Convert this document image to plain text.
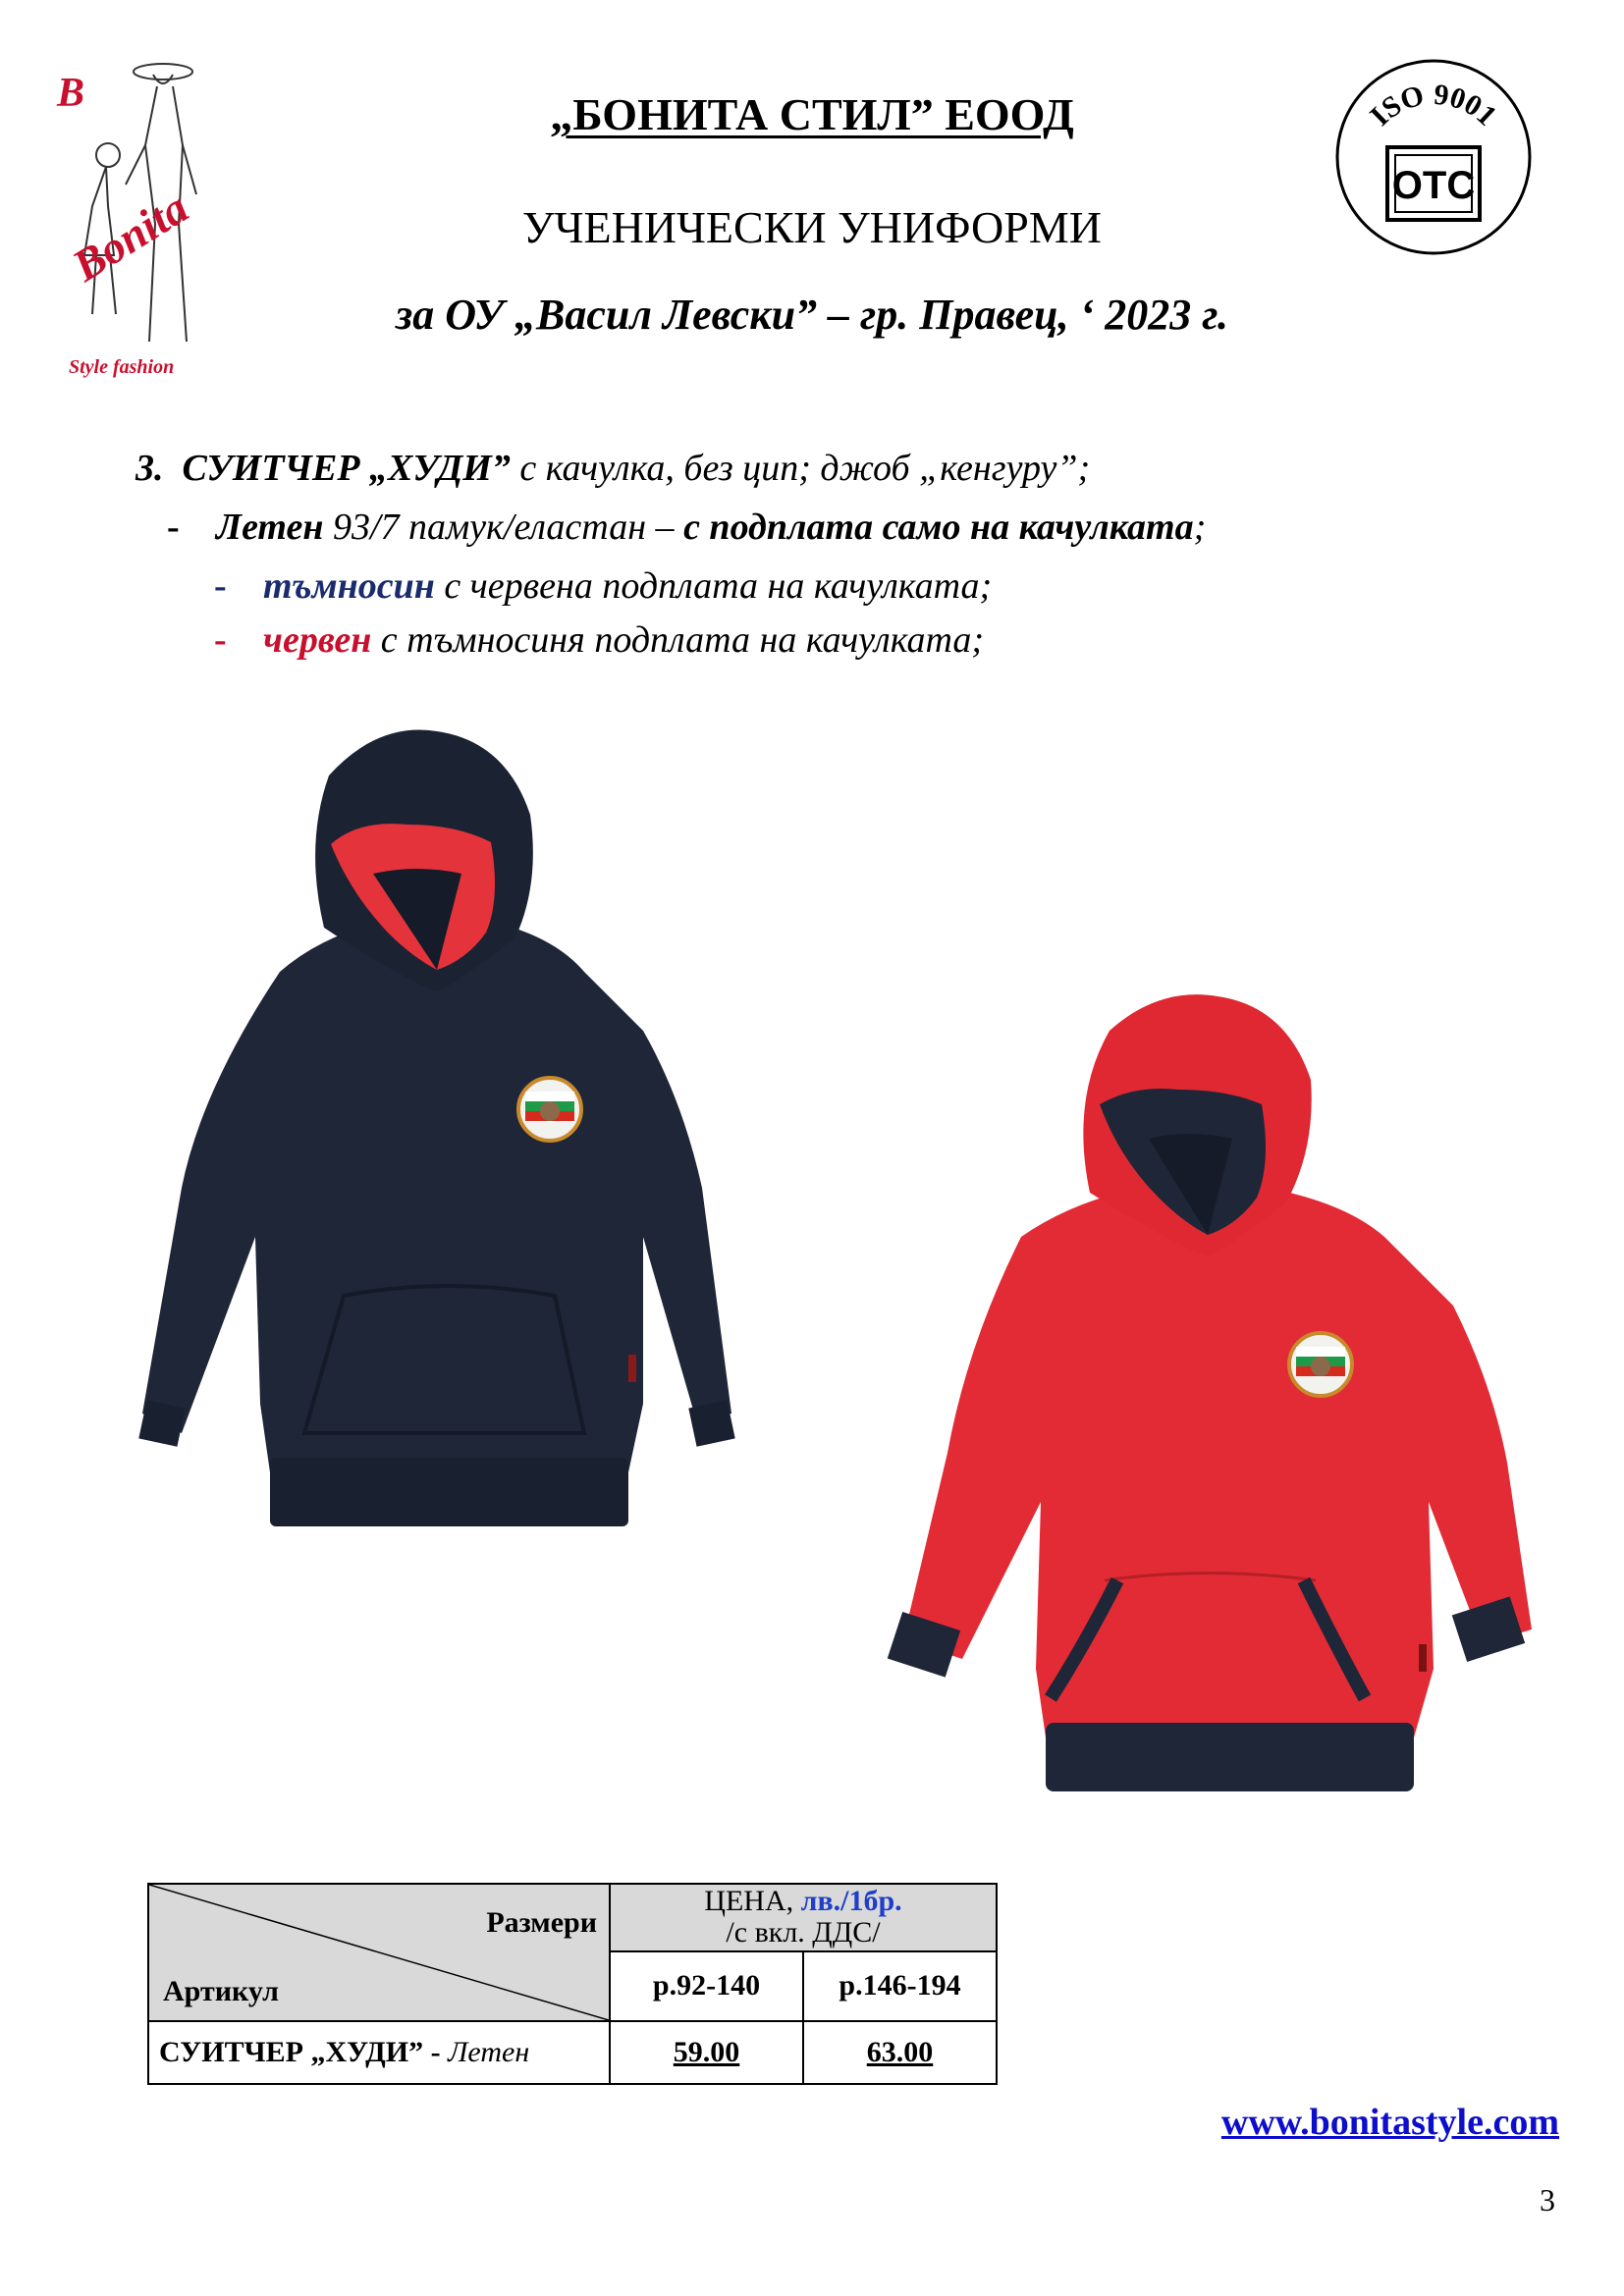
B
Bonita
Style fashion
„БОНИТА СТИЛ” ЕООД
УЧЕНИЧЕСКИ УНИФОРМИ
за ОУ „Васил Левски” – гр. Правец, ‘ 2023 г.
ISO 9001
OTC
3. СУИТЧЕР „ХУДИ” с качулка, без цип; джоб „кенгуру”;
- Летен 93/7 памук/еластан – с подплата само на качулката;
- тъмносин с червена подплата на качулката;
- червен с тъмносиня подплата на качулката;
Размери
Артикул	ЦЕНА, лв./1бр.
/с вкл. ДДС/	
	р.92-140	р.146-194
СУИТЧЕР „ХУДИ” - Летен	59.00	63.00
www.bonitastyle.com
3
